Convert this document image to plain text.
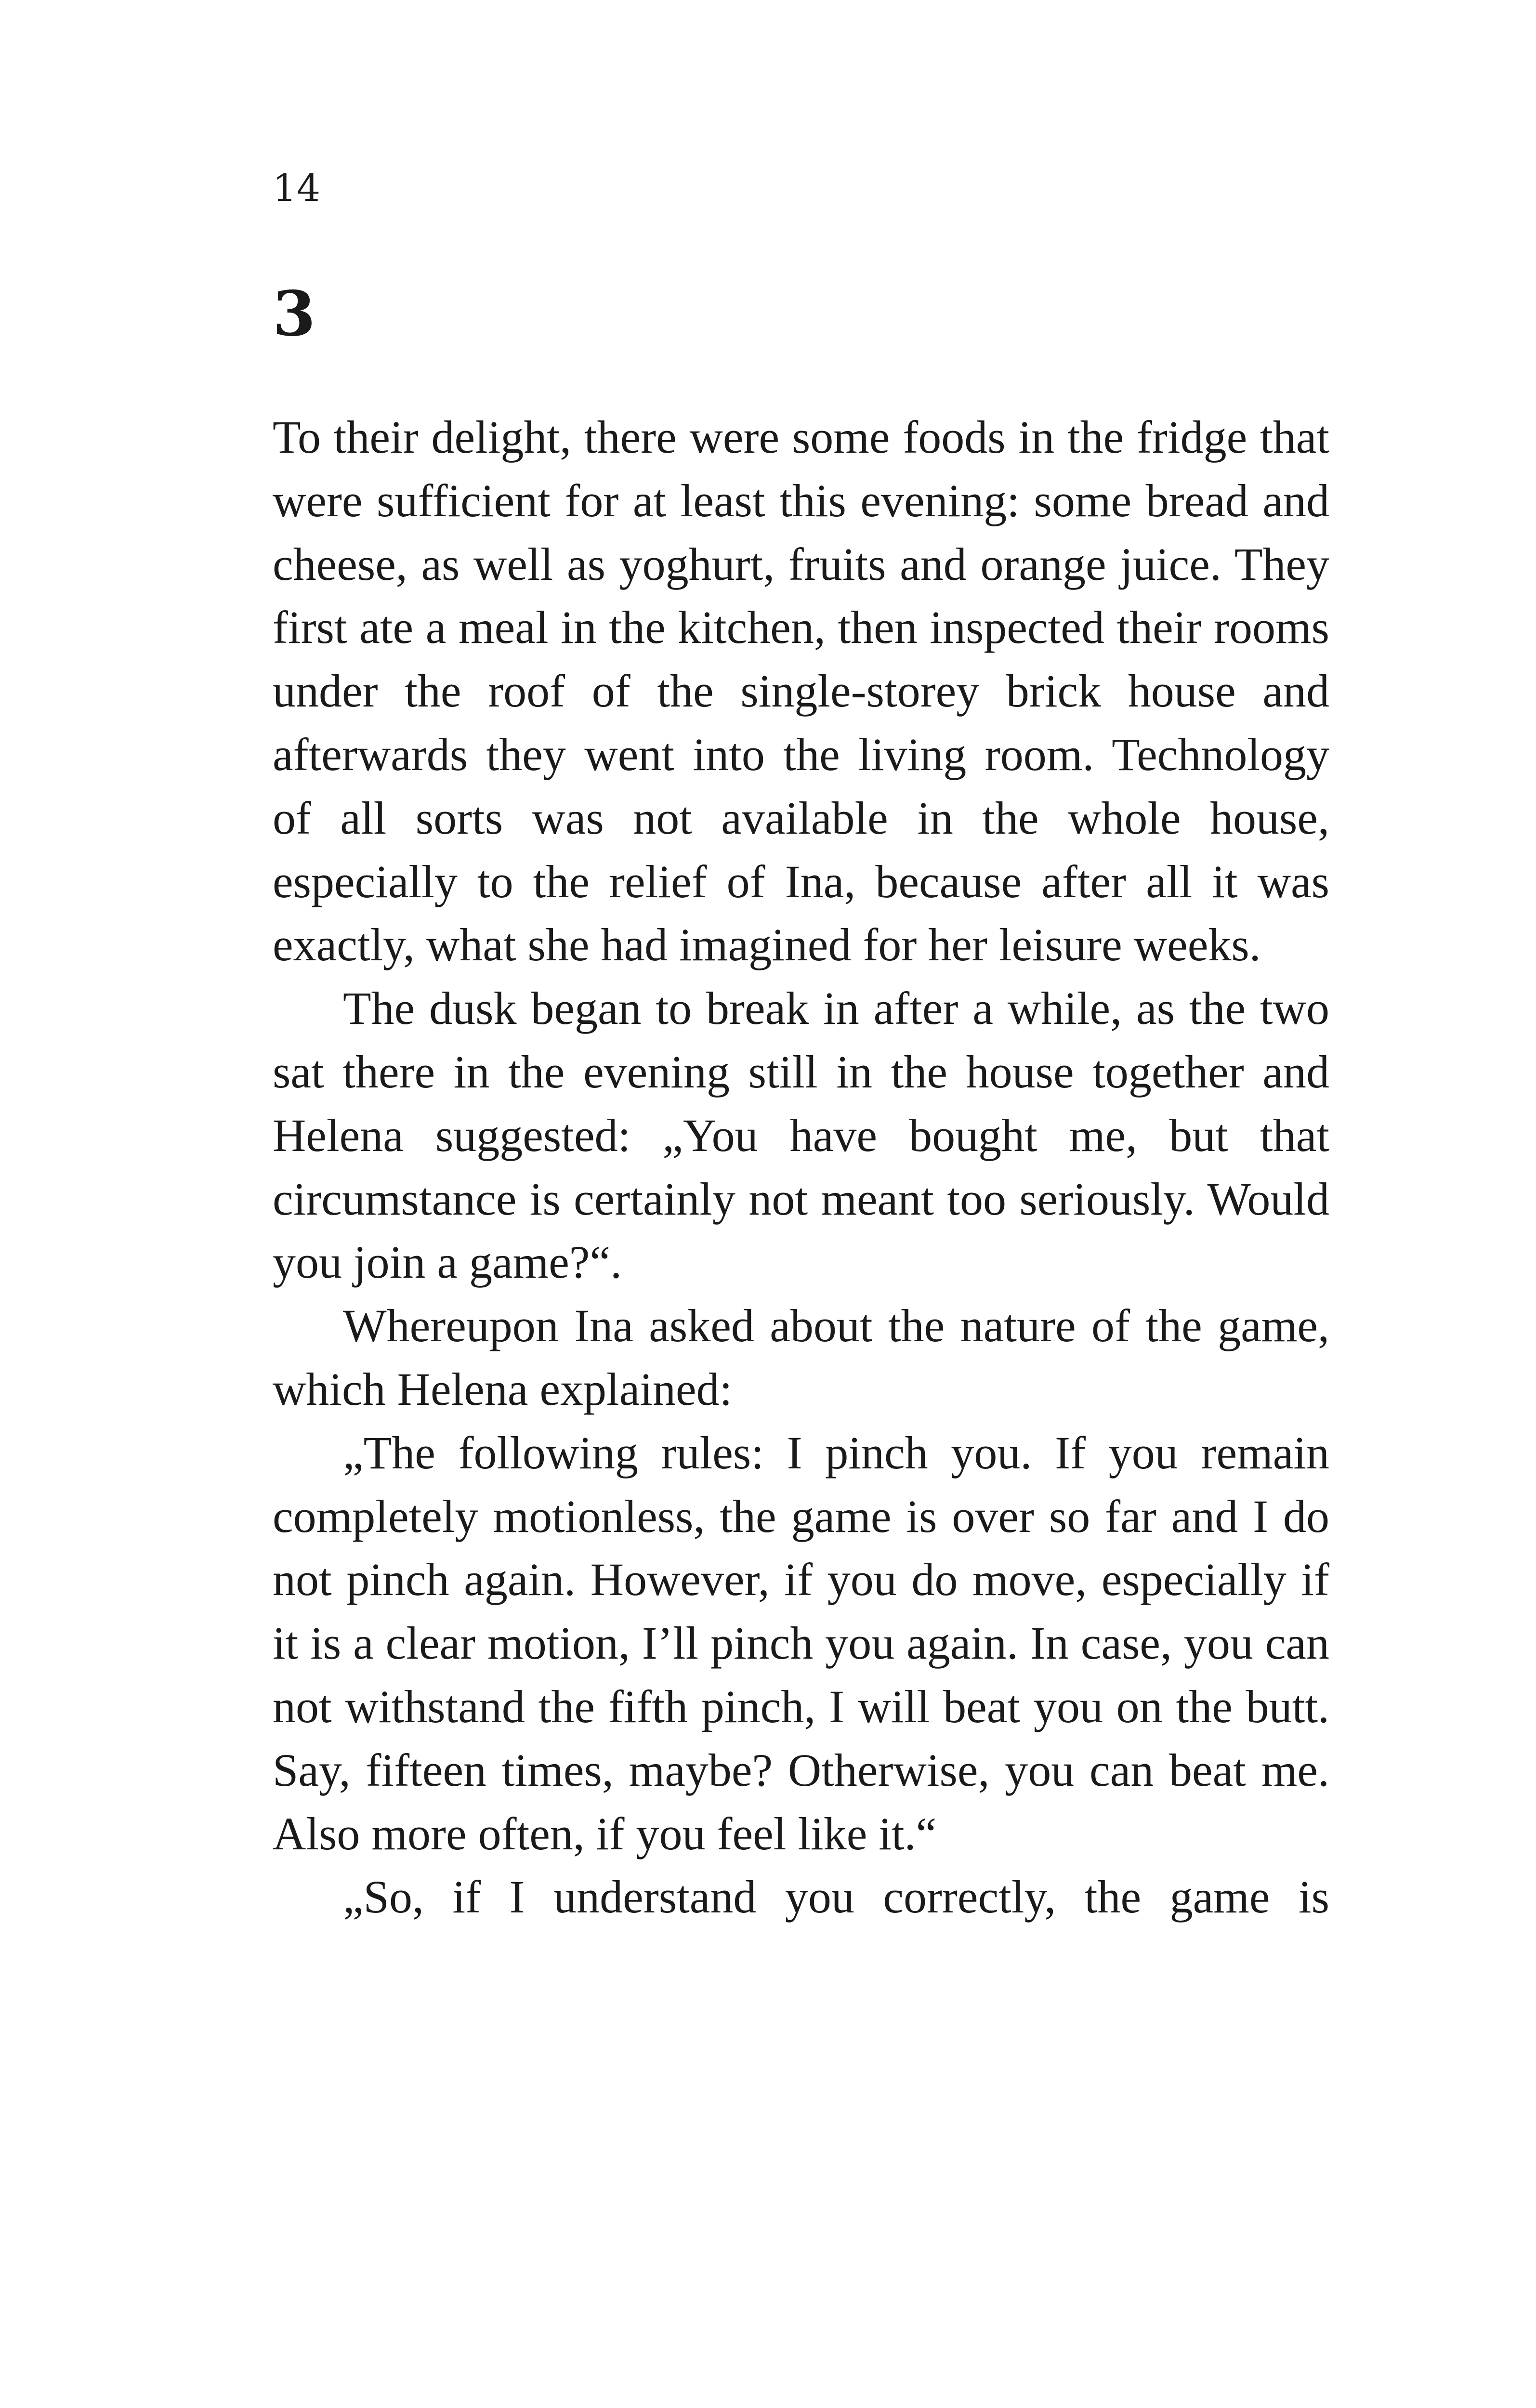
14
3

To their delight, there were some foods in the fridge that were sufficient for at least this evening: some bread and cheese, as well as yoghurt, fruits and orange juice. They first ate a meal in the kitchen, then inspected their rooms under the roof of the single-storey brick house and afterwards they went into the living room. Technology of all sorts was not available in the whole house, especially to the relief of Ina, because after all it was exactly, what she had imagined for her leisure weeks.

The dusk began to break in after a while, as the two sat there in the evening still in the house together and Helena suggested: „You have bought me, but that circumstance is certainly not meant too seriously. Would you join a game?“.

Whereupon Ina asked about the nature of the game, which Helena explained:

„The following rules: I pinch you. If you remain completely motionless, the game is over so far and I do not pinch again. However, if you do move, especially if it is a clear motion, I’ll pinch you again. In case, you can not withstand the fifth pinch, I will beat you on the butt. Say, fifteen times, maybe? Otherwise, you can beat me. Also more often, if you feel like it.“

„So, if I understand you correctly, the game is
